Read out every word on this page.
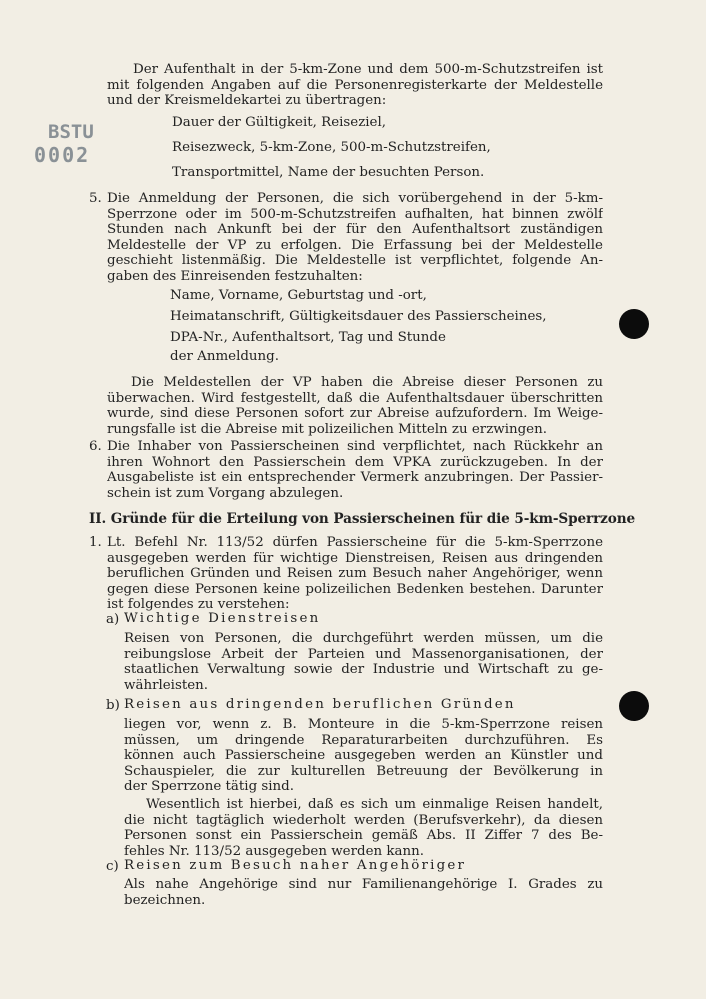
BSTU
0002
Der Aufenthalt in der 5-km-Zone und dem 500-m-Schutzstreifen ist
mit folgenden Angaben auf die Personenregisterkarte der Meldestelle
und der Kreismeldekartei zu übertragen:
Dauer der Gültigkeit, Reiseziel,
Reisezweck, 5-km-Zone, 500-m-Schutzstreifen,
Transportmittel, Name der besuchten Person.
5. Die Anmeldung der Personen, die sich vorübergehend in der 5-km-
Sperrzone oder im 500-m-Schutzstreifen aufhalten, hat binnen zwölf
Stunden nach Ankunft bei der für den Aufenthaltsort zuständigen
Meldestelle der VP zu erfolgen. Die Erfassung bei der Meldestelle
geschieht listenmäßig. Die Meldestelle ist verpflichtet, folgende An-
gaben des Einreisenden festzuhalten:
Name, Vorname, Geburtstag und -ort,
Heimatanschrift, Gültigkeitsdauer des Passierscheines,
DPA-Nr., Aufenthaltsort, Tag und Stunde
der Anmeldung.
Die Meldestellen der VP haben die Abreise dieser Personen zu
überwachen. Wird festgestellt, daß die Aufenthaltsdauer überschritten
wurde, sind diese Personen sofort zur Abreise aufzufordern. Im Weige-
rungsfalle ist die Abreise mit polizeilichen Mitteln zu erzwingen.
6. Die Inhaber von Passierscheinen sind verpflichtet, nach Rückkehr an
ihren Wohnort den Passierschein dem VPKA zurückzugeben. In der
Ausgabeliste ist ein entsprechender Vermerk anzubringen. Der Passier-
schein ist zum Vorgang abzulegen.
II. Gründe für die Erteilung von Passierscheinen für die 5-km-Sperrzone
1. Lt. Befehl Nr. 113/52 dürfen Passierscheine für die 5-km-Sperrzone
ausgegeben werden für wichtige Dienstreisen, Reisen aus dringenden
beruflichen Gründen und Reisen zum Besuch naher Angehöriger, wenn
gegen diese Personen keine polizeilichen Bedenken bestehen. Darunter
ist folgendes zu verstehen:
a) Wichtige Dienstreisen
Reisen von Personen, die durchgeführt werden müssen, um die
reibungslose Arbeit der Parteien und Massenorganisationen, der
staatlichen Verwaltung sowie der Industrie und Wirtschaft zu ge-
währleisten.
b) Reisen aus dringenden beruflichen Gründen
liegen vor, wenn z. B. Monteure in die 5-km-Sperrzone reisen
müssen, um dringende Reparaturarbeiten durchzuführen. Es
können auch Passierscheine ausgegeben werden an Künstler und
Schauspieler, die zur kulturellen Betreuung der Bevölkerung in
der Sperrzone tätig sind.
Wesentlich ist hierbei, daß es sich um einmalige Reisen handelt,
die nicht tagtäglich wiederholt werden (Berufsverkehr), da diesen
Personen sonst ein Passierschein gemäß Abs. II Ziffer 7 des Be-
fehles Nr. 113/52 ausgegeben werden kann.
c) Reisen zum Besuch naher Angehöriger
Als nahe Angehörige sind nur Familienangehörige I. Grades zu
bezeichnen.
